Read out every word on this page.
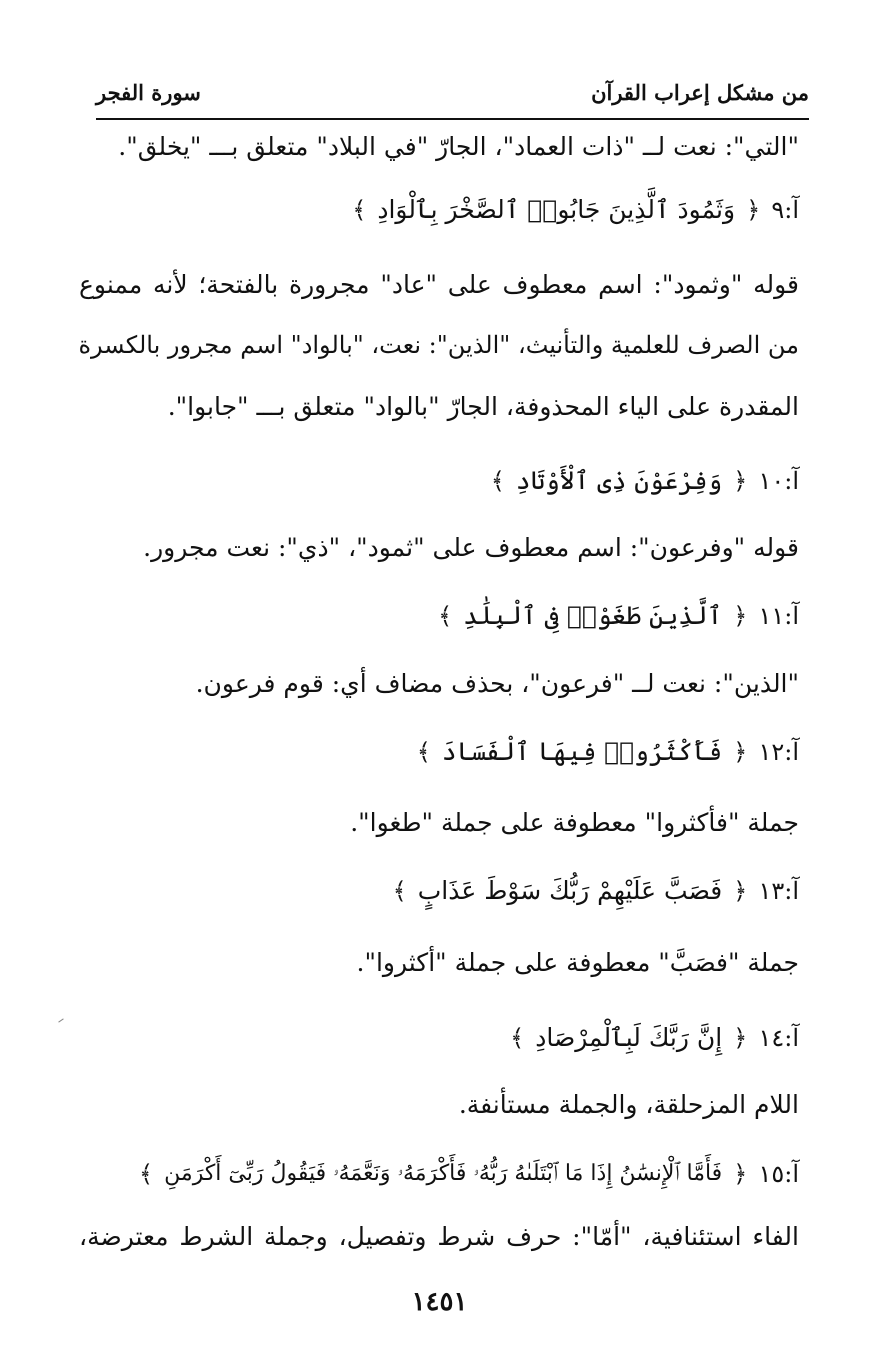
من مشكل إعراب القرآن
سورة الفجر
"التي": نعت لــ "ذات العماد"، الجارّ "في البلاد" متعلق بـــ "يخلق".
آ:٩ ﴿ وَثَمُودَ ٱلَّذِينَ جَابُوا۟ ٱلصَّخْرَ بِٱلْوَادِ ﴾
قوله "وثمود": اسم معطوف على "عاد" مجرورة بالفتحة؛ لأنه ممنوع
من الصرف للعلمية والتأنيث، "الذين": نعت، "بالواد" اسم مجرور بالكسرة
المقدرة على الياء المحذوفة، الجارّ "بالواد" متعلق بـــ "جابوا".
آ:١٠ ﴿ وَفِرْعَوْنَ ذِى ٱلْأَوْتَادِ ﴾
قوله "وفرعون": اسم معطوف على "ثمود"، "ذي": نعت مجرور.
آ:١١ ﴿ ٱلَّذِينَ طَغَوْا۟ فِى ٱلْبِلَٰدِ ﴾
"الذين": نعت لــ "فرعون"، بحذف مضاف أي: قوم فرعون.
آ:١٢ ﴿ فَأَكْثَرُوا۟ فِيهَا ٱلْفَسَادَ ﴾
جملة "فأكثروا" معطوفة على جملة "طغوا".
آ:١٣ ﴿ فَصَبَّ عَلَيْهِمْ رَبُّكَ سَوْطَ عَذَابٍ ﴾
جملة "فصَبَّ" معطوفة على جملة "أكثروا".
آ:١٤ ﴿ إِنَّ رَبَّكَ لَبِٱلْمِرْصَادِ ﴾
اللام المزحلقة، والجملة مستأنفة.
آ:١٥ ﴿ فَأَمَّا ٱلْإِنسَٰنُ إِذَا مَا ٱبْتَلَىٰهُ رَبُّهُۥ فَأَكْرَمَهُۥ وَنَعَّمَهُۥ فَيَقُولُ رَبِّىٓ أَكْرَمَنِ ﴾
الفاء استئنافية، "أمّا": حرف شرط وتفصيل، وجملة الشرط معترضة،
١٤٥١
